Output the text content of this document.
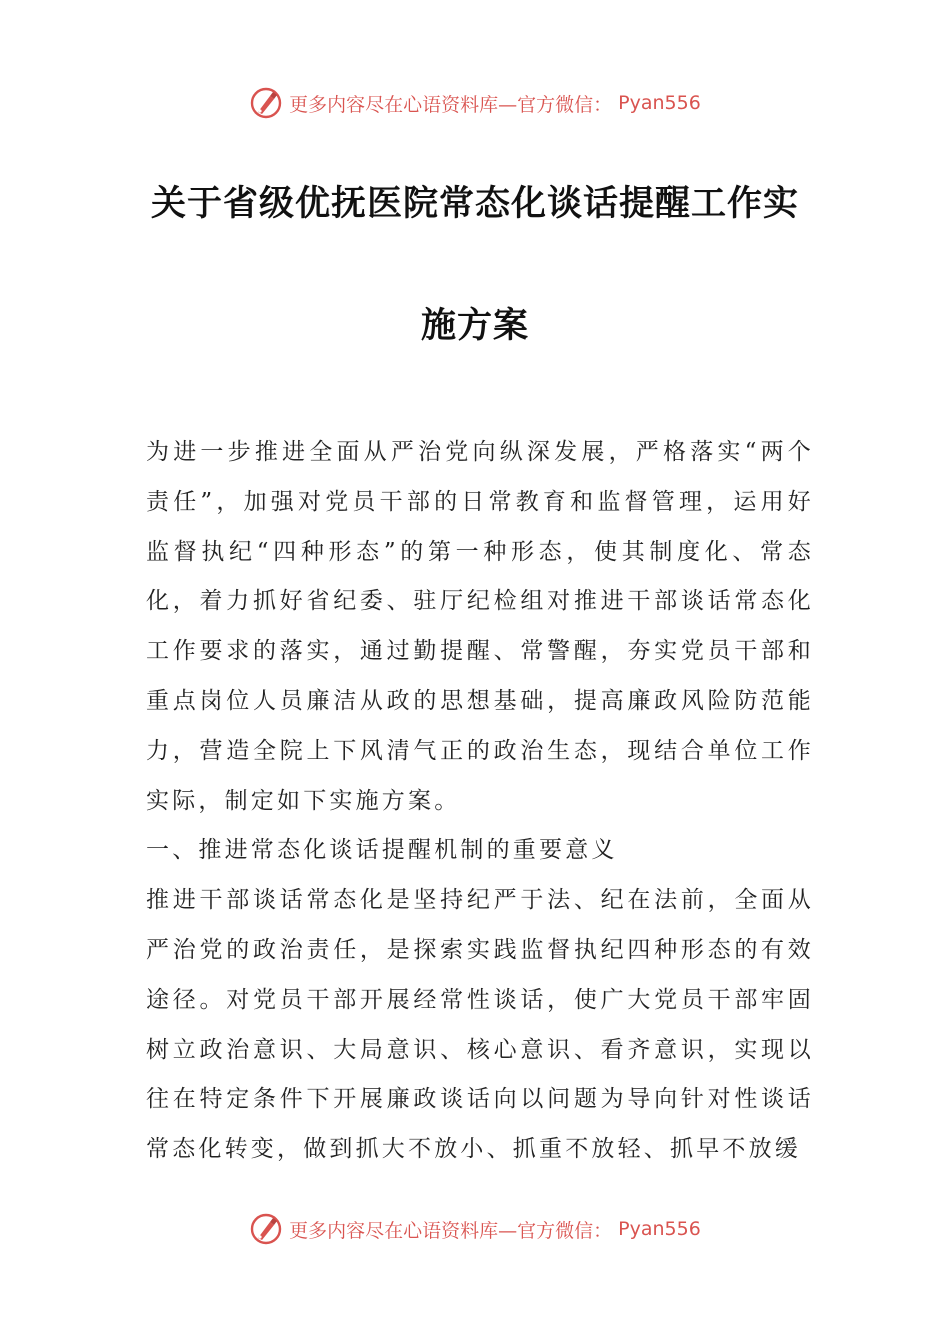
更多内容尽在心语资料库—官方微信： Pyan556
关于省级优抚医院常态化谈话提醒工作实
施方案

为进一步推进全面从严治党向纵深发展，严格落实“两个责任”，加强对党员干部的日常教育和监督管理，运用好监督执纪“四种形态”的第一种形态，使其制度化、常态化，着力抓好省纪委、驻厅纪检组对推进干部谈话常态化工作要求的落实，通过勤提醒、常警醒，夯实党员干部和重点岗位人员廉洁从政的思想基础，提高廉政风险防范能力，营造全院上下风清气正的政治生态，现结合单位工作实际，制定如下实施方案。

一、推进常态化谈话提醒机制的重要意义

推进干部谈话常态化是坚持纪严于法、纪在法前，全面从严治党的政治责任，是探索实践监督执纪四种形态的有效途径。对党员干部开展经常性谈话，使广大党员干部牢固树立政治意识、大局意识、核心意识、看齐意识，实现以往在特定条件下开展廉政谈话向以问题为导向针对性谈话常态化转变，做到抓大不放小、抓重不放轻、抓早不放缓

更多内容尽在心语资料库—官方微信： Pyan556
